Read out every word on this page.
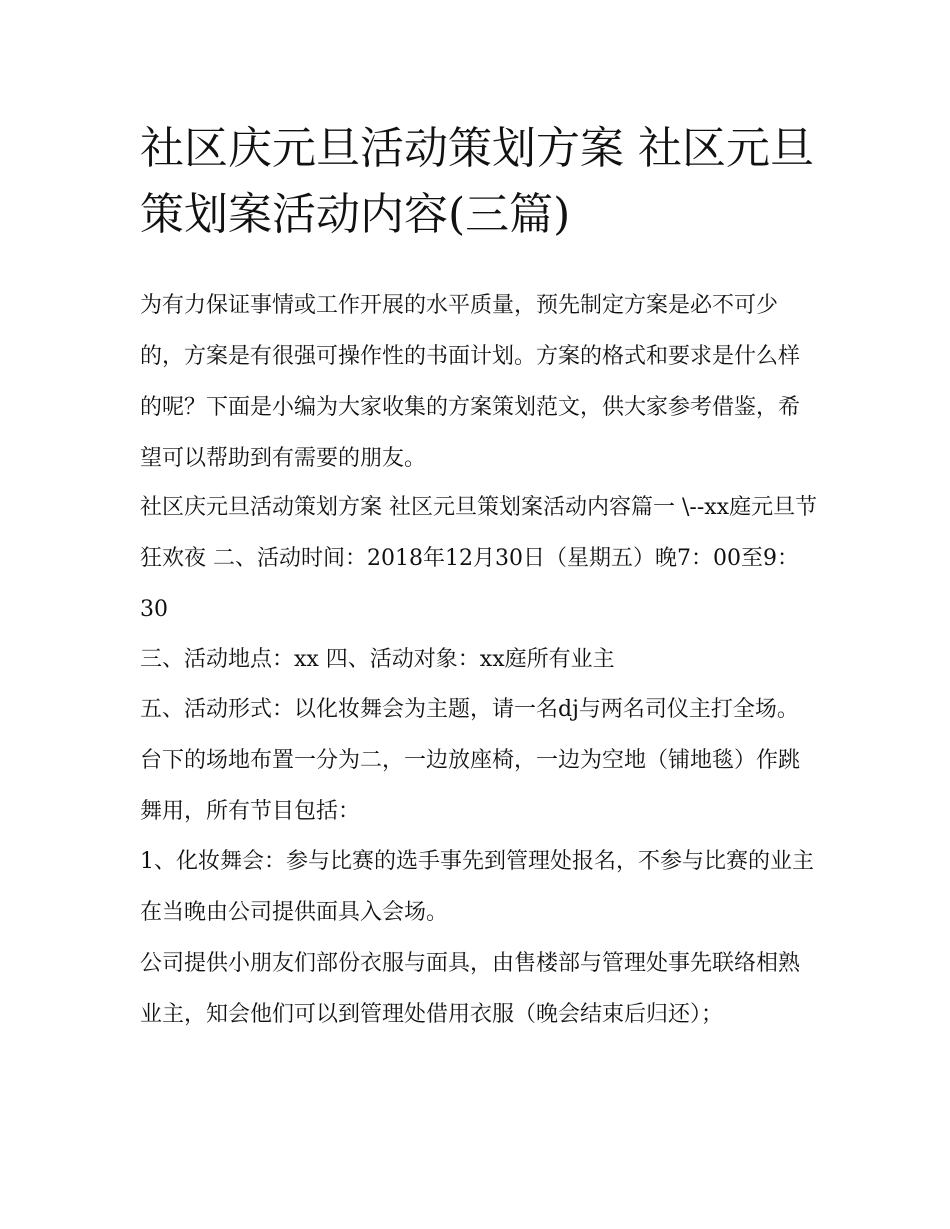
社区庆元旦活动策划方案 社区元旦策划案活动内容(三篇)

为有力保证事情或工作开展的水平质量，预先制定方案是必不可少的，方案是有很强可操作性的书面计划。方案的格式和要求是什么样的呢？下面是小编为大家收集的方案策划范文，供大家参考借鉴，希望可以帮助到有需要的朋友。

社区庆元旦活动策划方案 社区元旦策划案活动内容篇一 \--xx庭元旦节狂欢夜 二、活动时间：2018年12月30日（星期五）晚7：00至9：30

三、活动地点：xx 四、活动对象：xx庭所有业主

五、活动形式：以化妆舞会为主题，请一名dj与两名司仪主打全场。台下的场地布置一分为二，一边放座椅，一边为空地（铺地毯）作跳舞用，所有节目包括：

1、化妆舞会：参与比赛的选手事先到管理处报名，不参与比赛的业主在当晚由公司提供面具入会场。

公司提供小朋友们部份衣服与面具，由售楼部与管理处事先联络相熟业主，知会他们可以到管理处借用衣服（晚会结束后归还）；
